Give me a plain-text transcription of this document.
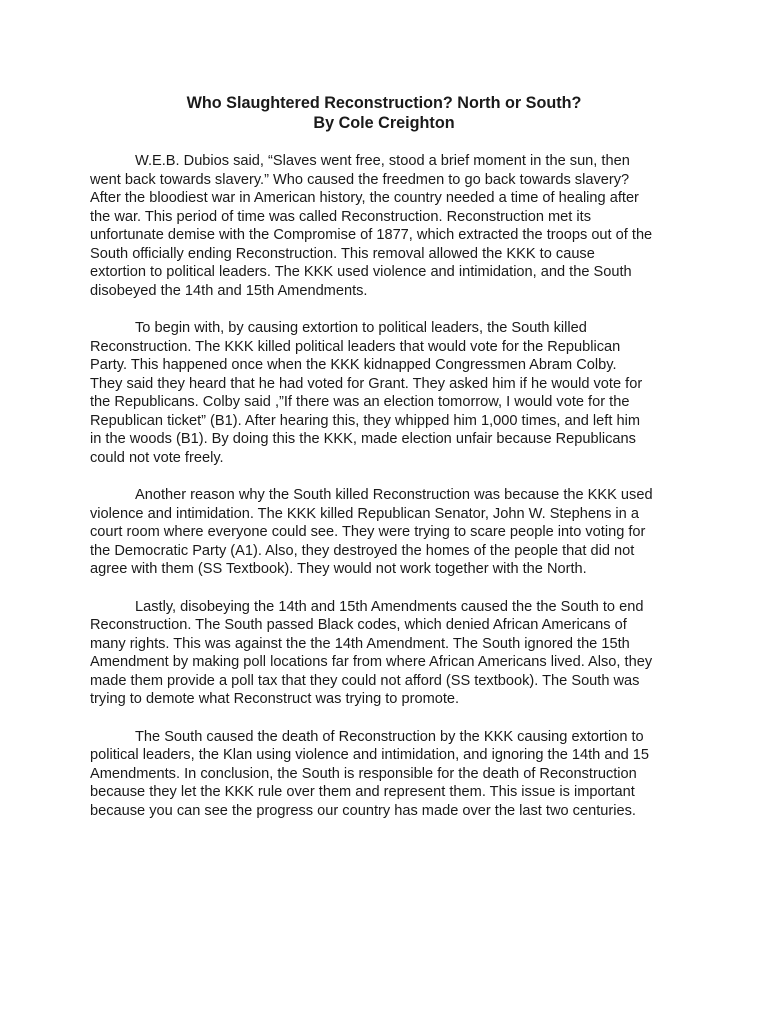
Who Slaughtered Reconstruction? North or South?
By Cole Creighton
W.E.B. Dubios said, “Slaves went free, stood a brief moment in the sun, then
went back towards slavery.” Who caused the freedmen to go back towards slavery?
After the bloodiest war in American history, the country needed a time of healing after
the war. This period of time was called Reconstruction. Reconstruction met its
unfortunate demise with the Compromise of 1877, which extracted the troops out of the
South officially ending Reconstruction. This removal allowed the KKK to cause
extortion to political leaders. The KKK used violence and intimidation, and the South
disobeyed the 14th and 15th Amendments.
To begin with, by causing extortion to political leaders, the South killed
Reconstruction. The KKK killed political leaders that would vote for the Republican
Party. This happened once when the KKK kidnapped Congressmen Abram Colby.
They said they heard that he had voted for Grant. They asked him if he would vote for
the Republicans. Colby said ,”If there was an election tomorrow, I would vote for the
Republican ticket” (B1). After hearing this, they whipped him 1,000 times, and left him
in the woods (B1). By doing this the KKK, made election unfair because Republicans
could not vote freely.
Another reason why the South killed Reconstruction was because the KKK used
violence and intimidation. The KKK killed Republican Senator, John W. Stephens in a
court room where everyone could see. They were trying to scare people into voting for
the Democratic Party (A1). Also, they destroyed the homes of the people that did not
agree with them (SS Textbook). They would not work together with the North.
Lastly, disobeying the 14th and 15th Amendments caused the the South to end
Reconstruction. The South passed Black codes, which denied African Americans of
many rights. This was against the the 14th Amendment. The South ignored the 15th
Amendment by making poll locations far from where African Americans lived. Also, they
made them provide a poll tax that they could not afford (SS textbook). The South was
trying to demote what Reconstruct was trying to promote.
The South caused the death of Reconstruction by the KKK causing extortion to
political leaders, the Klan using violence and intimidation, and ignoring the 14th and 15
Amendments. In conclusion, the South is responsible for the death of Reconstruction
because they let the KKK rule over them and represent them. This issue is important
because you can see the progress our country has made over the last two centuries.
